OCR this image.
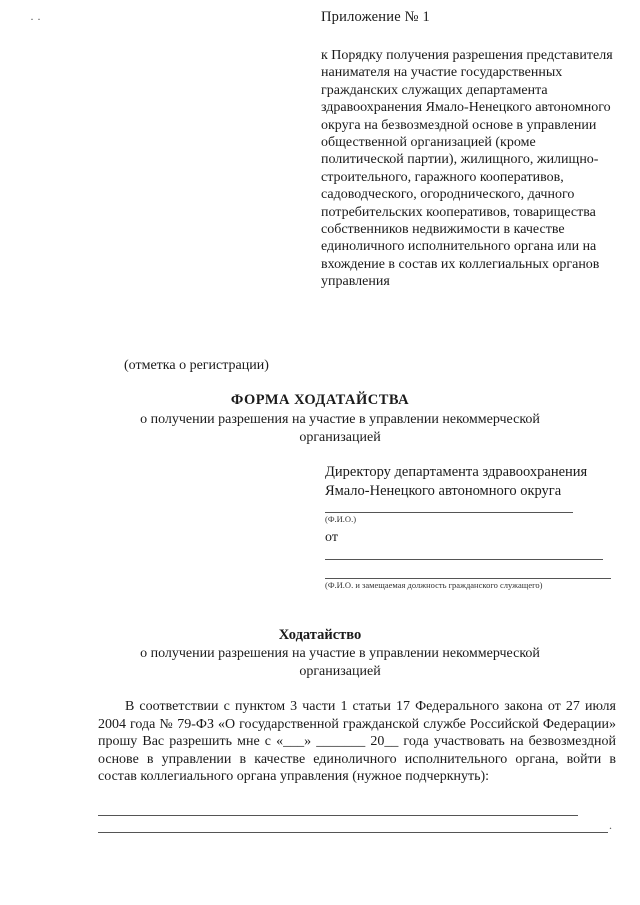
· ·	Приложение № 1
к Порядку получения разрешения представителя нанимателя на участие государственных гражданских служащих департамента здравоохранения Ямало-Ненецкого автономного округа на безвозмездной основе в управлении общественной организацией (кроме политической партии), жилищного, жилищно-строительного, гаражного кооперативов, садоводческого, огороднического, дачного потребительских кооперативов, товарищества собственников недвижимости в качестве единоличного исполнительного органа или на вхождение в состав их коллегиальных органов управления
(отметка о регистрации)
ФОРМА ХОДАТАЙСТВА
о получении разрешения на участие в управлении некоммерческой организацией
Директору департамента здравоохранения
Ямало-Ненецкого автономного округа
(Ф.И.О.)
от
(Ф.И.О. и замещаемая должность гражданского служащего)
Ходатайство
о получении разрешения на участие в управлении некоммерческой организацией
В соответствии с пунктом 3 части 1 статьи 17 Федерального закона от 27 июля 2004 года № 79-ФЗ «О государственной гражданской службе Российской Федерации» прошу Вас разрешить мне с «___» _______ 20__ года участвовать на безвозмездной основе в управлении в качестве единоличного исполнительного органа, войти в состав коллегиального органа управления (нужное подчеркнуть):
.
